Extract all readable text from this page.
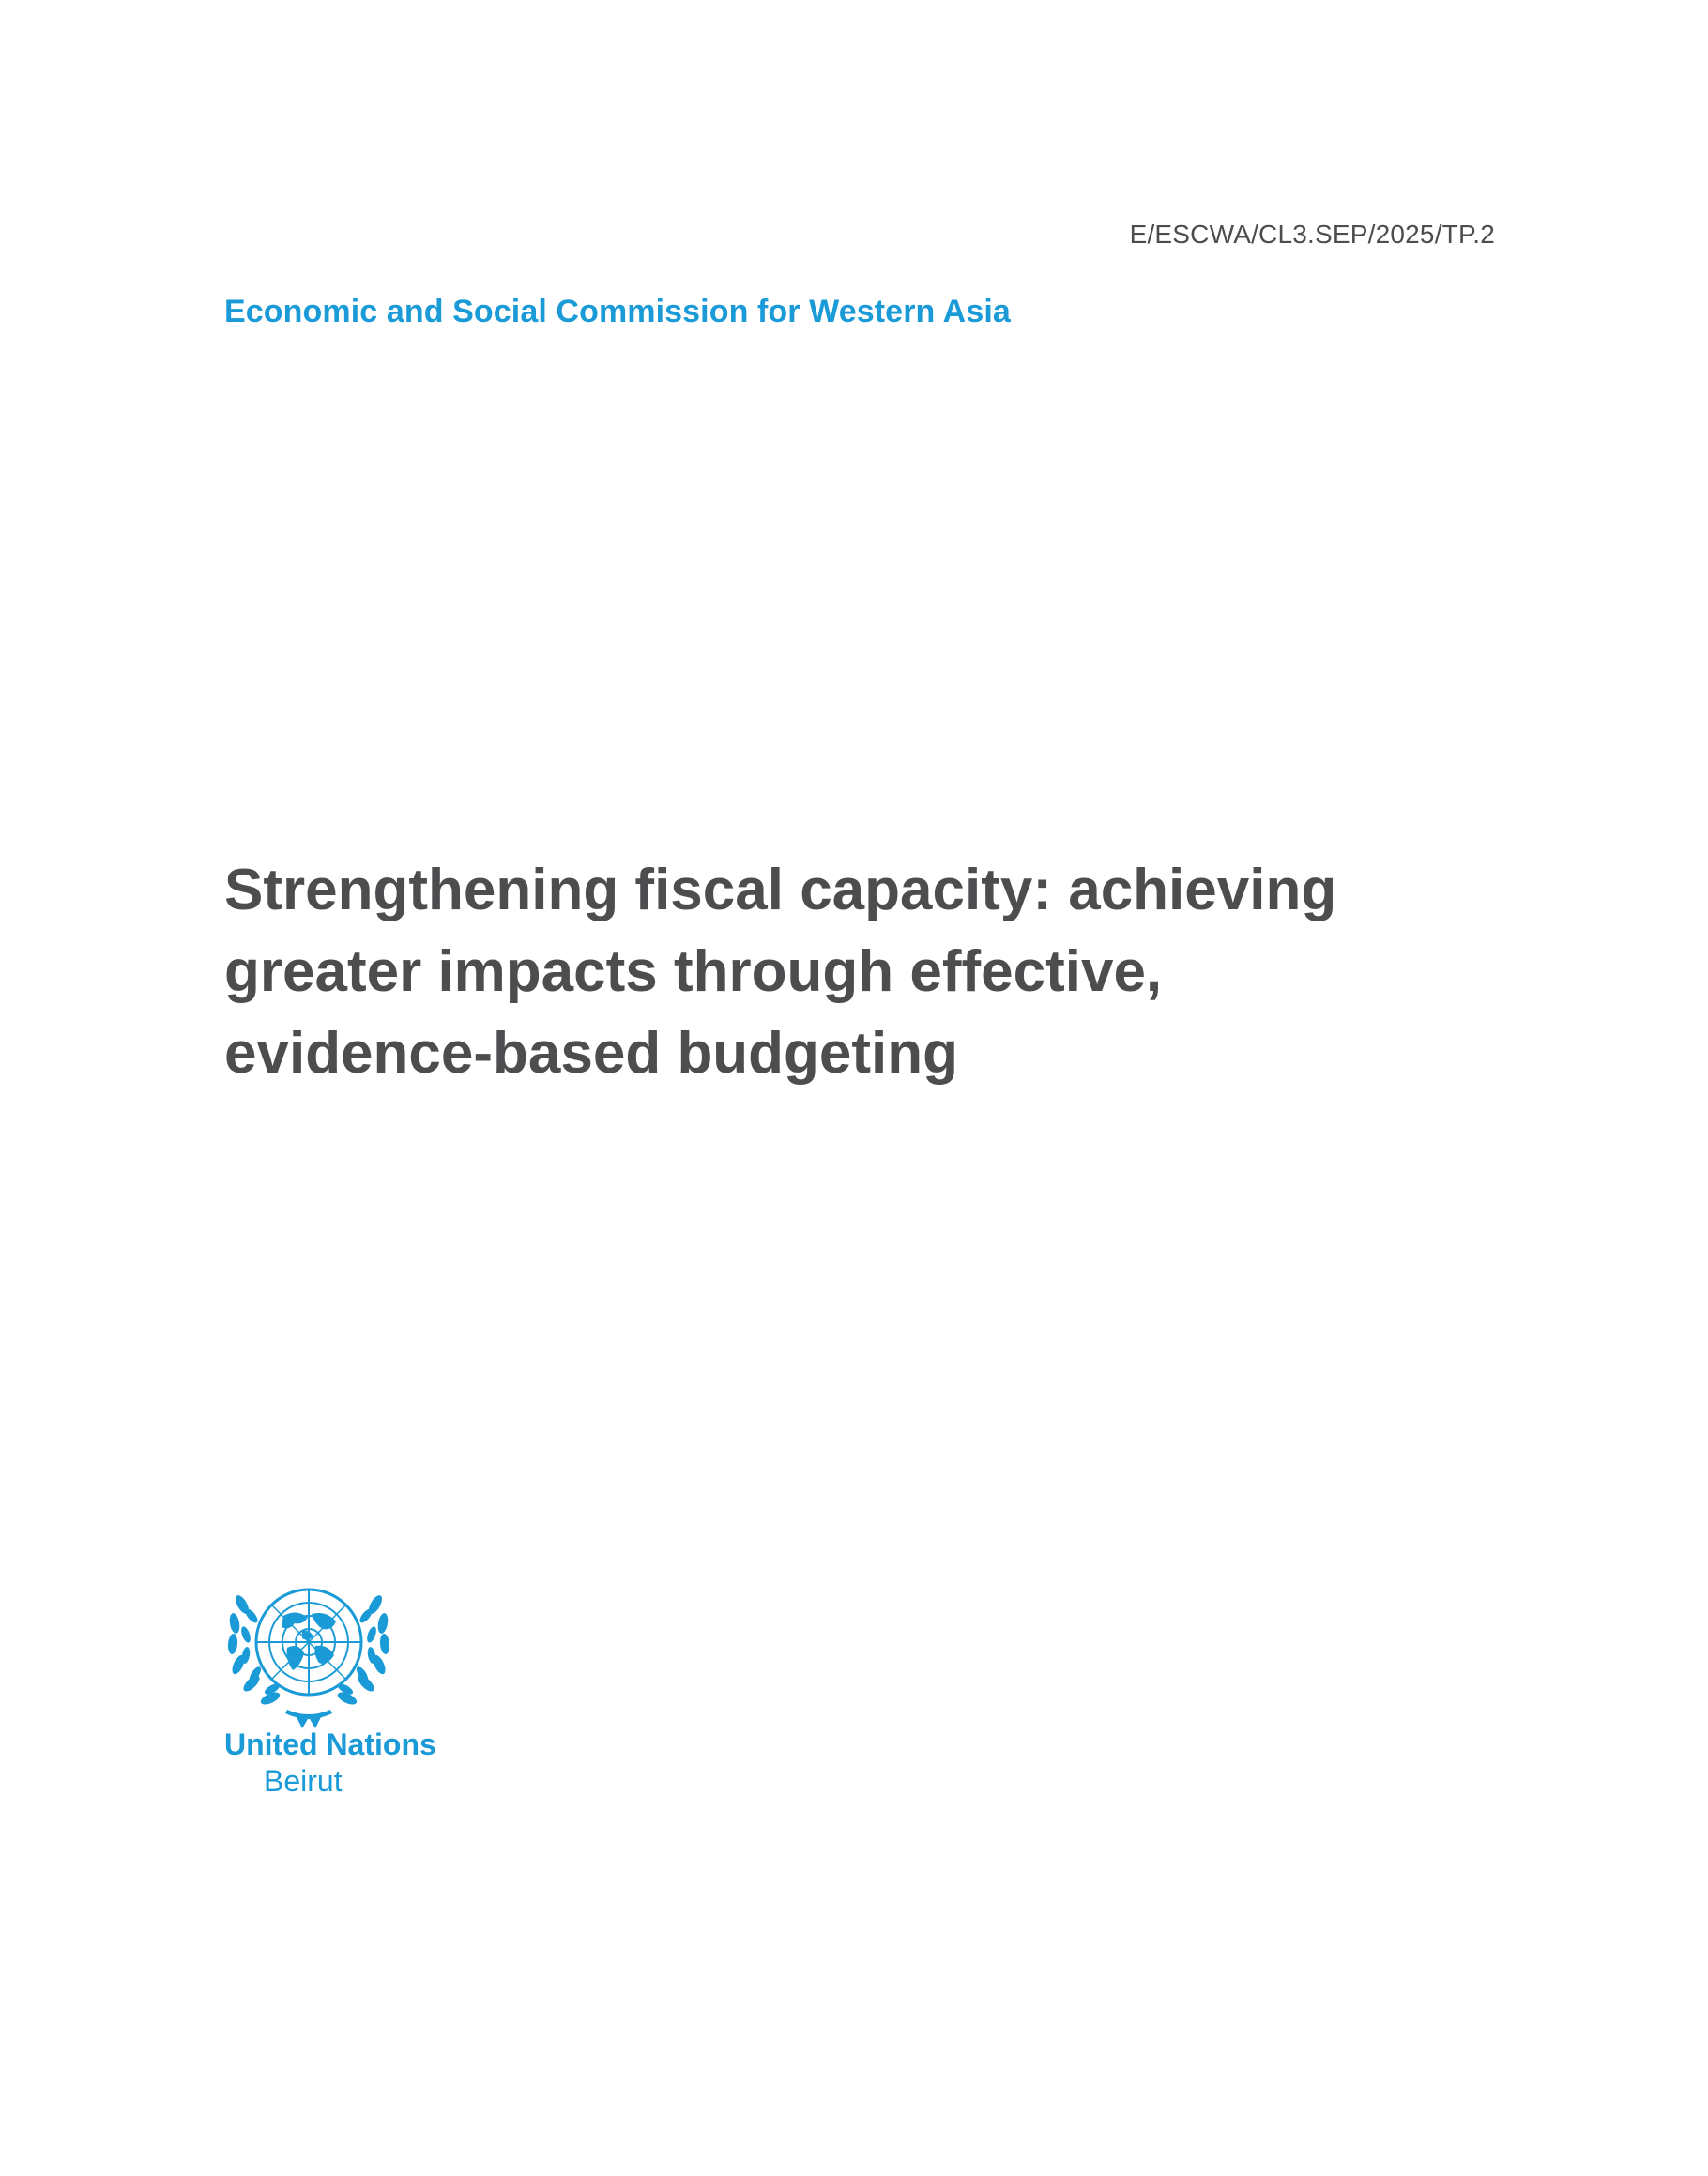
E/ESCWA/CL3.SEP/2025/TP.2
Economic and Social Commission for Western Asia
Strengthening fiscal capacity: achieving
greater impacts through effective,
evidence-based budgeting
United Nations
Beirut
